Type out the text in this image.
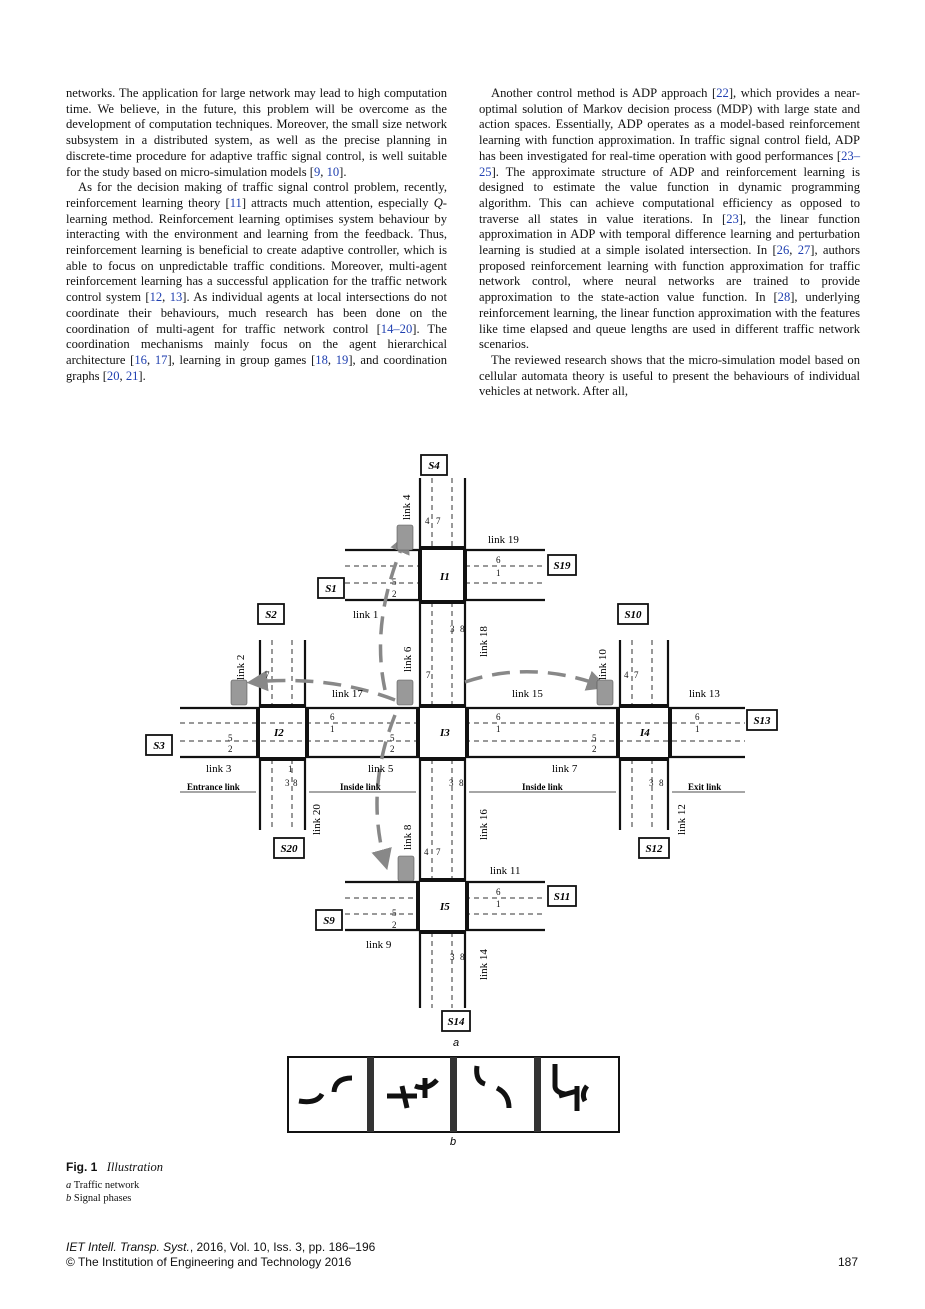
networks. The application for large network may lead to high computation time. We believe, in the future, this problem will be overcome as the development of computation techniques. Moreover, the small size network subsystem in a distributed system, as well as the precise planning in discrete-time procedure for adaptive traffic signal control, is well suitable for the study based on micro-simulation models [9, 10].

As for the decision making of traffic signal control problem, recently, reinforcement learning theory [11] attracts much attention, especially Q-learning method. Reinforcement learning optimises system behaviour by interacting with the environment and learning from the feedback. Thus, reinforcement learning is beneficial to create adaptive controller, which is able to focus on unpredictable traffic conditions. Moreover, multi-agent reinforcement learning has a successful application for the traffic network control system [12, 13]. As individual agents at local intersections do not coordinate their behaviours, much research has been done on the coordination of multi-agent for traffic network control [14–20]. The coordination mechanisms mainly focus on the agent hierarchical architecture [16, 17], learning in group games [18, 19], and coordination graphs [20, 21].

Another control method is ADP approach [22], which provides a near-optimal solution of Markov decision process (MDP) with large state and action spaces. Essentially, ADP operates as a model-based reinforcement learning with function approximation. In traffic signal control field, ADP has been investigated for real-time operation with good performances [23–25]. The approximate structure of ADP and reinforcement learning is designed to estimate the value function in dynamic programming algorithm. This can achieve computational efficiency as opposed to traverse all states in value iterations. In [23], the linear function approximation in ADP with temporal difference learning and perturbation learning is studied at a simple isolated intersection. In [26, 27], authors proposed reinforcement learning with function approximation for traffic network control, where neural networks are trained to provide approximation to the state-action value function. In [28], underlying reinforcement learning, the linear function approximation with the features like time elapsed and queue lengths are used in different traffic network scenarios.

The reviewed research shows that the micro-simulation model based on cellular automata theory is useful to present the behaviours of individual vehicles at network. After all,

S4
S19
S1
S2	S10
S13
S3
S20	S12
S11
S9
S14
link 4
link 19
link 1
link 18
link 2	link 6	link 10
link 17	link 15	link 13
link 3	link 5	link 7
link 20	link 16	link 12
link 8
link 11
link 9
link 14
I1
I2	I3	I4
I5
Entrance link	Inside link	Inside link	Exit link
4 7
6
1
5
2
3 8
6
1
6
1
6
1
5
2
5
2
5
2
7	7	4 7
1
3 8	3 8	3 8
4 7
6
1
5
2
3 8
a
b
Fig. 1 Illustration
a Traffic network
b Signal phases
IET Intell. Transp. Syst., 2016, Vol. 10, Iss. 3, pp. 186–196
© The Institution of Engineering and Technology 2016	187
